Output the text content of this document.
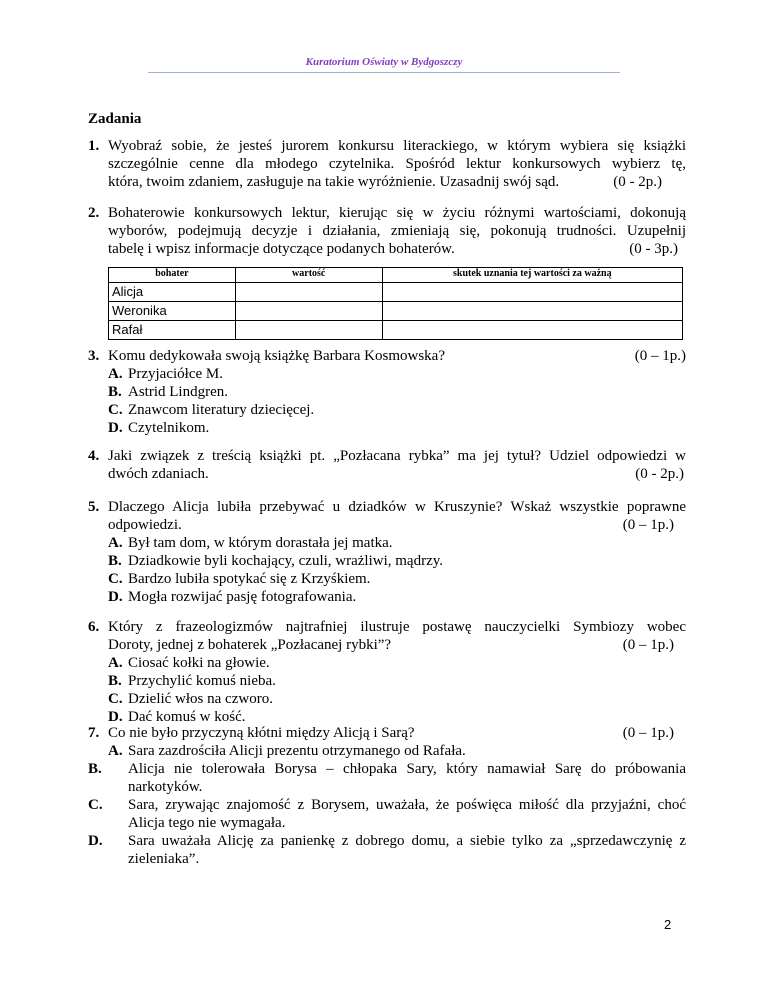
Kuratorium Oświaty w Bydgoszczy
Zadania
1. Wyobraź sobie, że jesteś jurorem konkursu literackiego, w którym wybiera się książki
szczególnie cenne dla młodego czytelnika. Spośród lektur konkursowych wybierz tę,
która, twoim zdaniem, zasługuje na takie wyróżnienie. Uzasadnij swój sąd.	(0 - 2p.)
2. Bohaterowie konkursowych lektur, kierując się w życiu różnymi wartościami, dokonują
wyborów, podejmują decyzje i działania, zmieniają się, pokonują trudności. Uzupełnij
tabelę i wpisz informacje dotyczące podanych bohaterów.	(0 - 3p.)
bohater	wartość	skutek uznania tej wartości za ważną
Alicja		
Weronika		
Rafał		
3. Komu dedykowała swoją książkę Barbara Kosmowska?	(0 – 1p.)
A. Przyjaciółce M.
B. Astrid Lindgren.
C. Znawcom literatury dziecięcej.
D. Czytelnikom.
4. Jaki związek z treścią książki pt. „Pozłacana rybka” ma jej tytuł? Udziel odpowiedzi w
dwóch zdaniach.	(0 - 2p.)
5. Dlaczego Alicja lubiła przebywać u dziadków w Kruszynie? Wskaż wszystkie poprawne
odpowiedzi.	(0 – 1p.)
A. Był tam dom, w którym dorastała jej matka.
B. Dziadkowie byli kochający, czuli, wrażliwi, mądrzy.
C. Bardzo lubiła spotykać się z Krzyśkiem.
D. Mogła rozwijać pasję fotografowania.
6. Który z frazeologizmów najtrafniej ilustruje postawę nauczycielki Symbiozy wobec
Doroty, jednej z bohaterek „Pozłacanej rybki”?	(0 – 1p.)
A. Ciosać kołki na głowie.
B. Przychylić komuś nieba.
C. Dzielić włos na czworo.
D. Dać komuś w kość.
7. Co nie było przyczyną kłótni między Alicją i Sarą?	(0 – 1p.)
A. Sara zazdrościła Alicji prezentu otrzymanego od Rafała.
B. Alicja nie tolerowała Borysa – chłopaka Sary, który namawiał Sarę do próbowania narkotyków.
C. Sara, zrywając znajomość z Borysem, uważała, że poświęca miłość dla przyjaźni, choć Alicja tego nie wymagała.
D. Sara uważała Alicję za panienkę z dobrego domu, a siebie tylko za „sprzedawczynię z zieleniaka”.
2
